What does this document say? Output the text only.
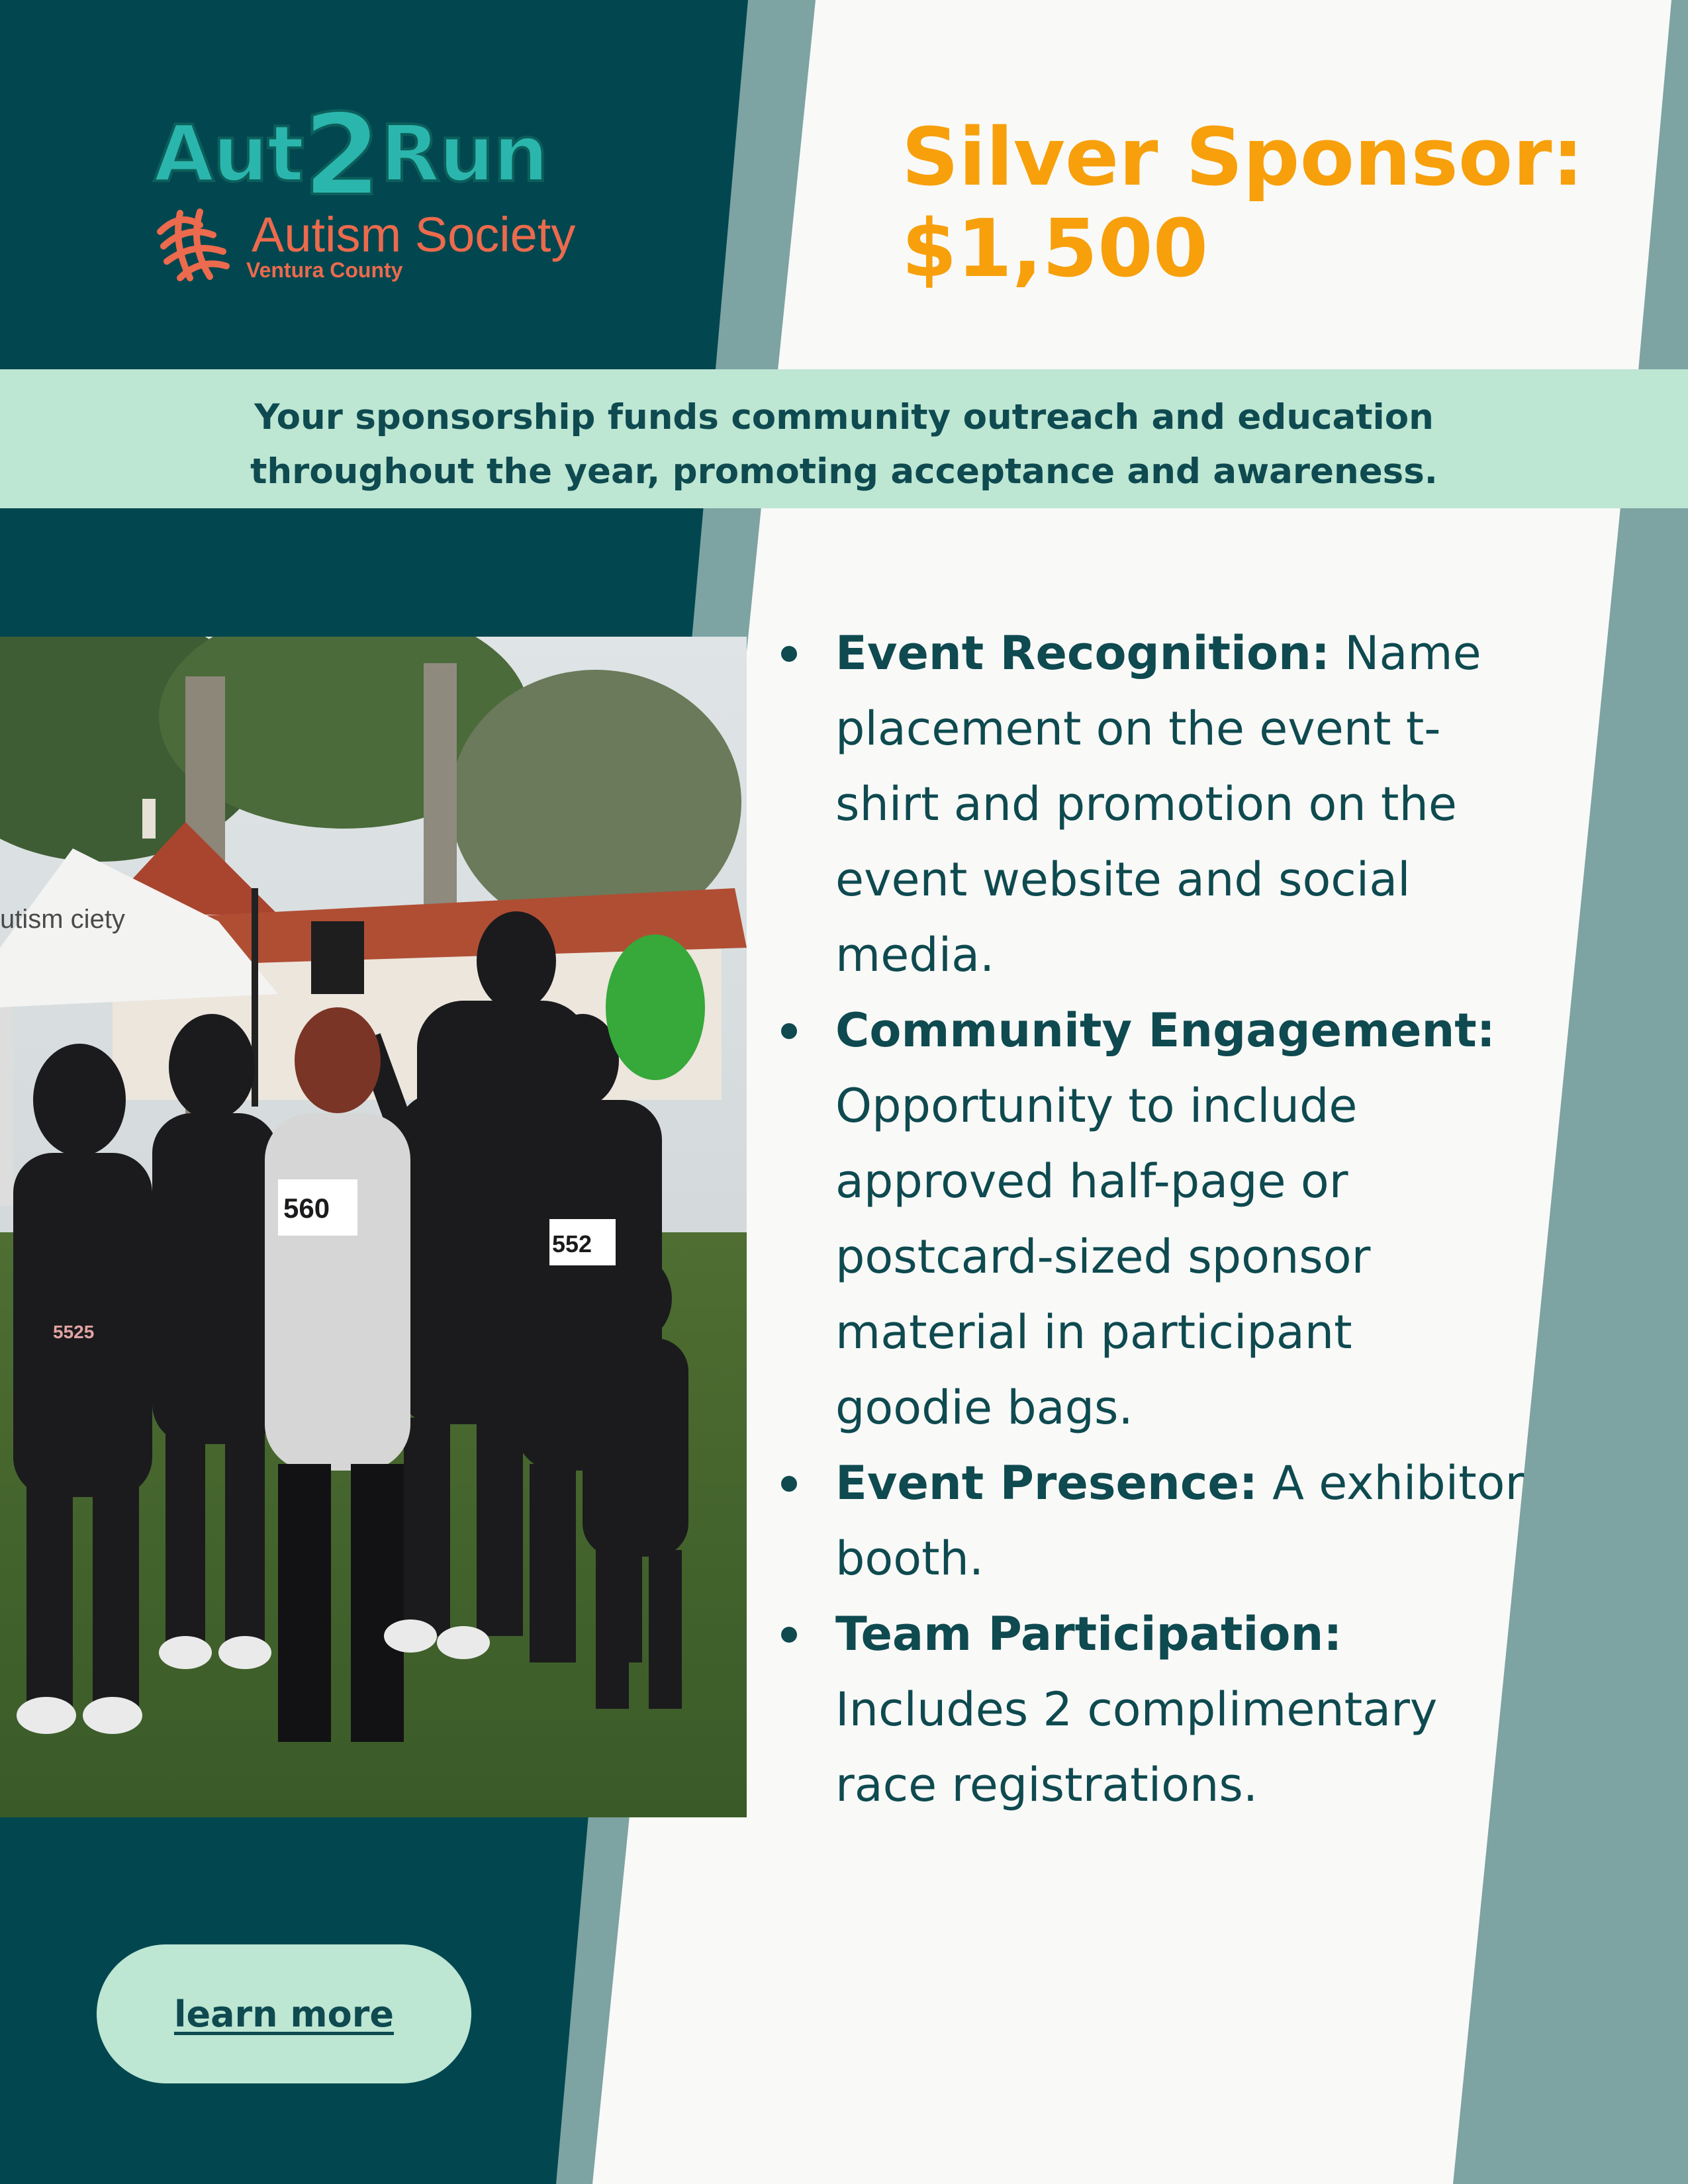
Aut2Run
Autism Society
Ventura County
Silver Sponsor:
$1,500
Your sponsorship funds community outreach and education
throughout the year, promoting acceptance and awareness.
utism ciety
560
552
5525
Event Recognition: Name
placement on the event t-
shirt and promotion on the
event website and social
media.
Community Engagement:
Opportunity to include
approved half-page or
postcard-sized sponsor
material in participant
goodie bags.
Event Presence: A exhibitor
booth.
Team Participation:
Includes 2 complimentary
race registrations.
learn more
